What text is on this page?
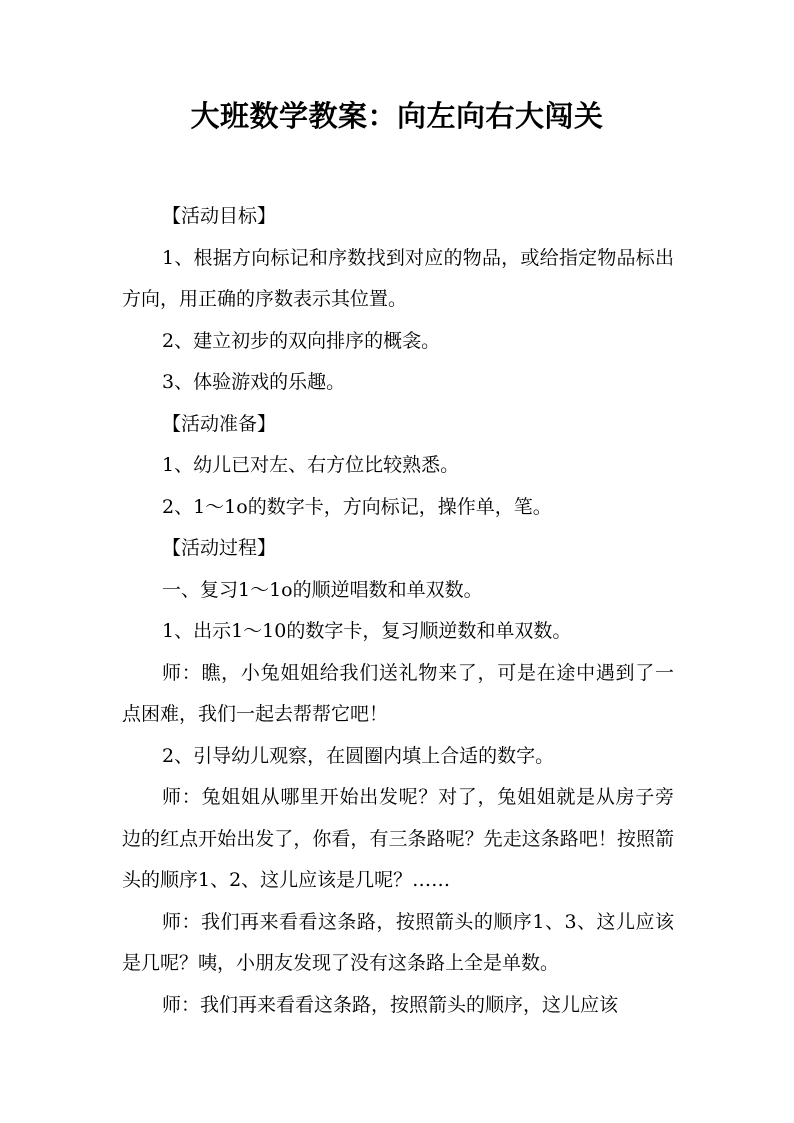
大班数学教案：向左向右大闯关

【活动目标】

1、根据方向标记和序数找到对应的物品，或给指定物品标出方向，用正确的序数表示其位置。

2、建立初步的双向排序的概衾。

3、体验游戏的乐趣。

【活动准备】

1、幼儿已对左、右方位比较熟悉。

2、1～1o的数字卡，方向标记，操作单，笔。

【活动过程】

一、复习1～1o的顺逆唱数和单双数。

1、出示1～10的数字卡，复习顺逆数和单双数。

师：瞧，小兔姐姐给我们送礼物来了，可是在途中遇到了一点困难，我们一起去帮帮它吧！

2、引导幼儿观察，在圆圈内填上合适的数字。

师：兔姐姐从哪里开始出发呢？对了，兔姐姐就是从房子旁边的红点开始出发了，你看，有三条路呢？先走这条路吧！按照箭头的顺序1、2、这儿应该是几呢？……

师：我们再来看看这条路，按照箭头的顺序1、3、这儿应该是几呢？咦，小朋友发现了没有这条路上全是单数。

师：我们再来看看这条路，按照箭头的顺序，这儿应该
